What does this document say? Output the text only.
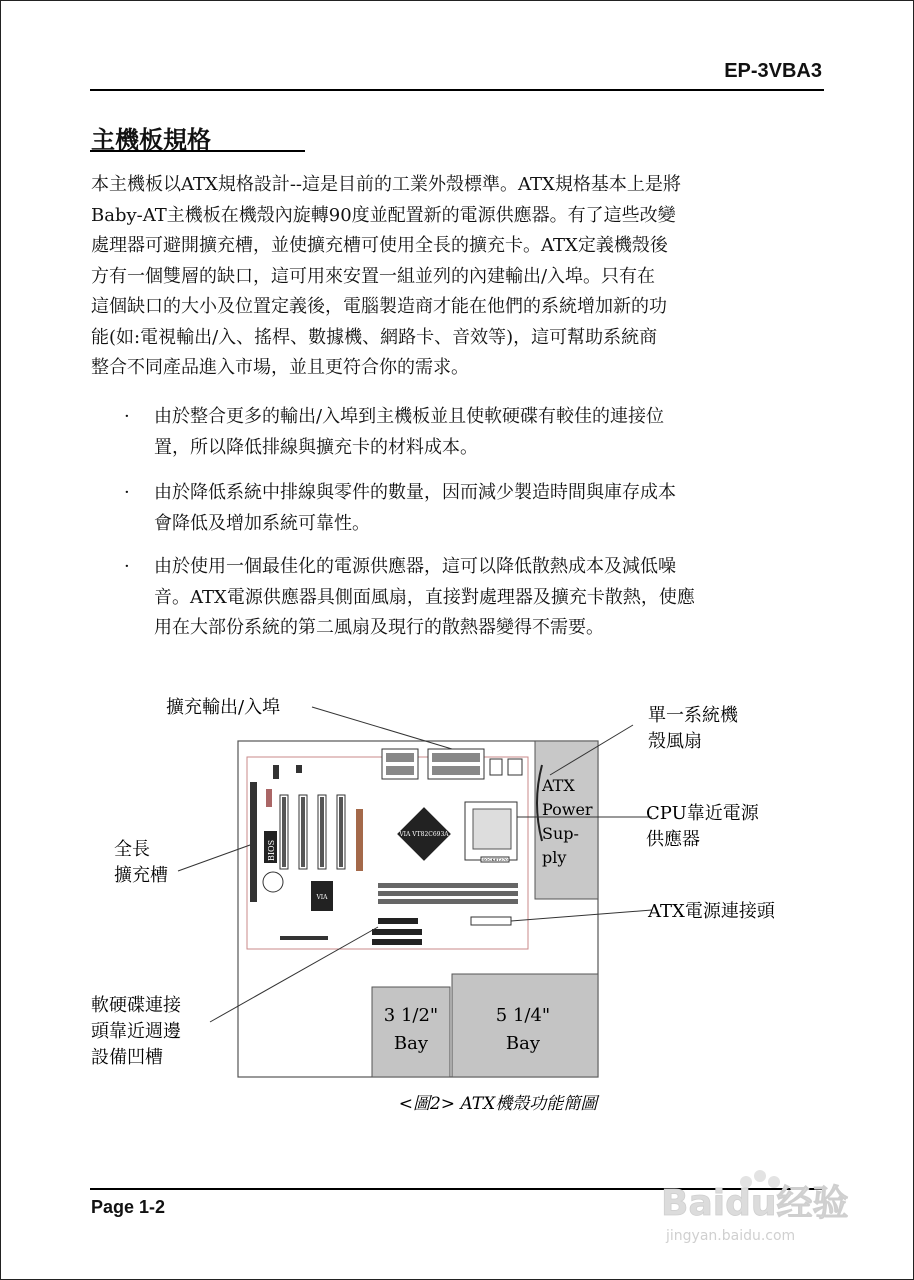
EP-3VBA3
主機板規格
本主機板以ATX規格設計--這是目前的工業外殼標準。ATX規格基本上是將
Baby-AT主機板在機殼內旋轉90度並配置新的電源供應器。有了這些改變
處理器可避開擴充槽，並使擴充槽可使用全長的擴充卡。ATX定義機殼後
方有一個雙層的缺口，這可用來安置一組並列的內建輸出/入埠。只有在
這個缺口的大小及位置定義後，電腦製造商才能在他們的系統增加新的功
能(如:電視輸出/入、搖桿、數據機、網路卡、音效等)，這可幫助系統商
整合不同產品進入市場，並且更符合你的需求。
· 由於整合更多的輸出/入埠到主機板並且使軟硬碟有較佳的連接位
置，所以降低排線與擴充卡的材料成本。
· 由於降低系統中排線與零件的數量，因而減少製造時間與庫存成本
會降低及增加系統可靠性。
· 由於使用一個最佳化的電源供應器，這可以降低散熱成本及減低噪
音。ATX電源供應器具側面風扇，直接對處理器及擴充卡散熱，使應
用在大部份系統的第二風扇及現行的散熱器變得不需要。
ATX
Power
Sup-
ply
3 1/2"
Bay
5 1/4"
Bay
BIOS
VIA VT82C693A
VIA
SOCKET370
擴充輸出/入埠	單一系統機
殼風扇
CPU靠近電源
供應器
全長
擴充槽
ATX電源連接頭
軟硬碟連接
頭靠近週邊
設備凹槽
<圖2> ATX機殼功能簡圖
Page 1-2	Baidu经验
jingyan.baidu.com
